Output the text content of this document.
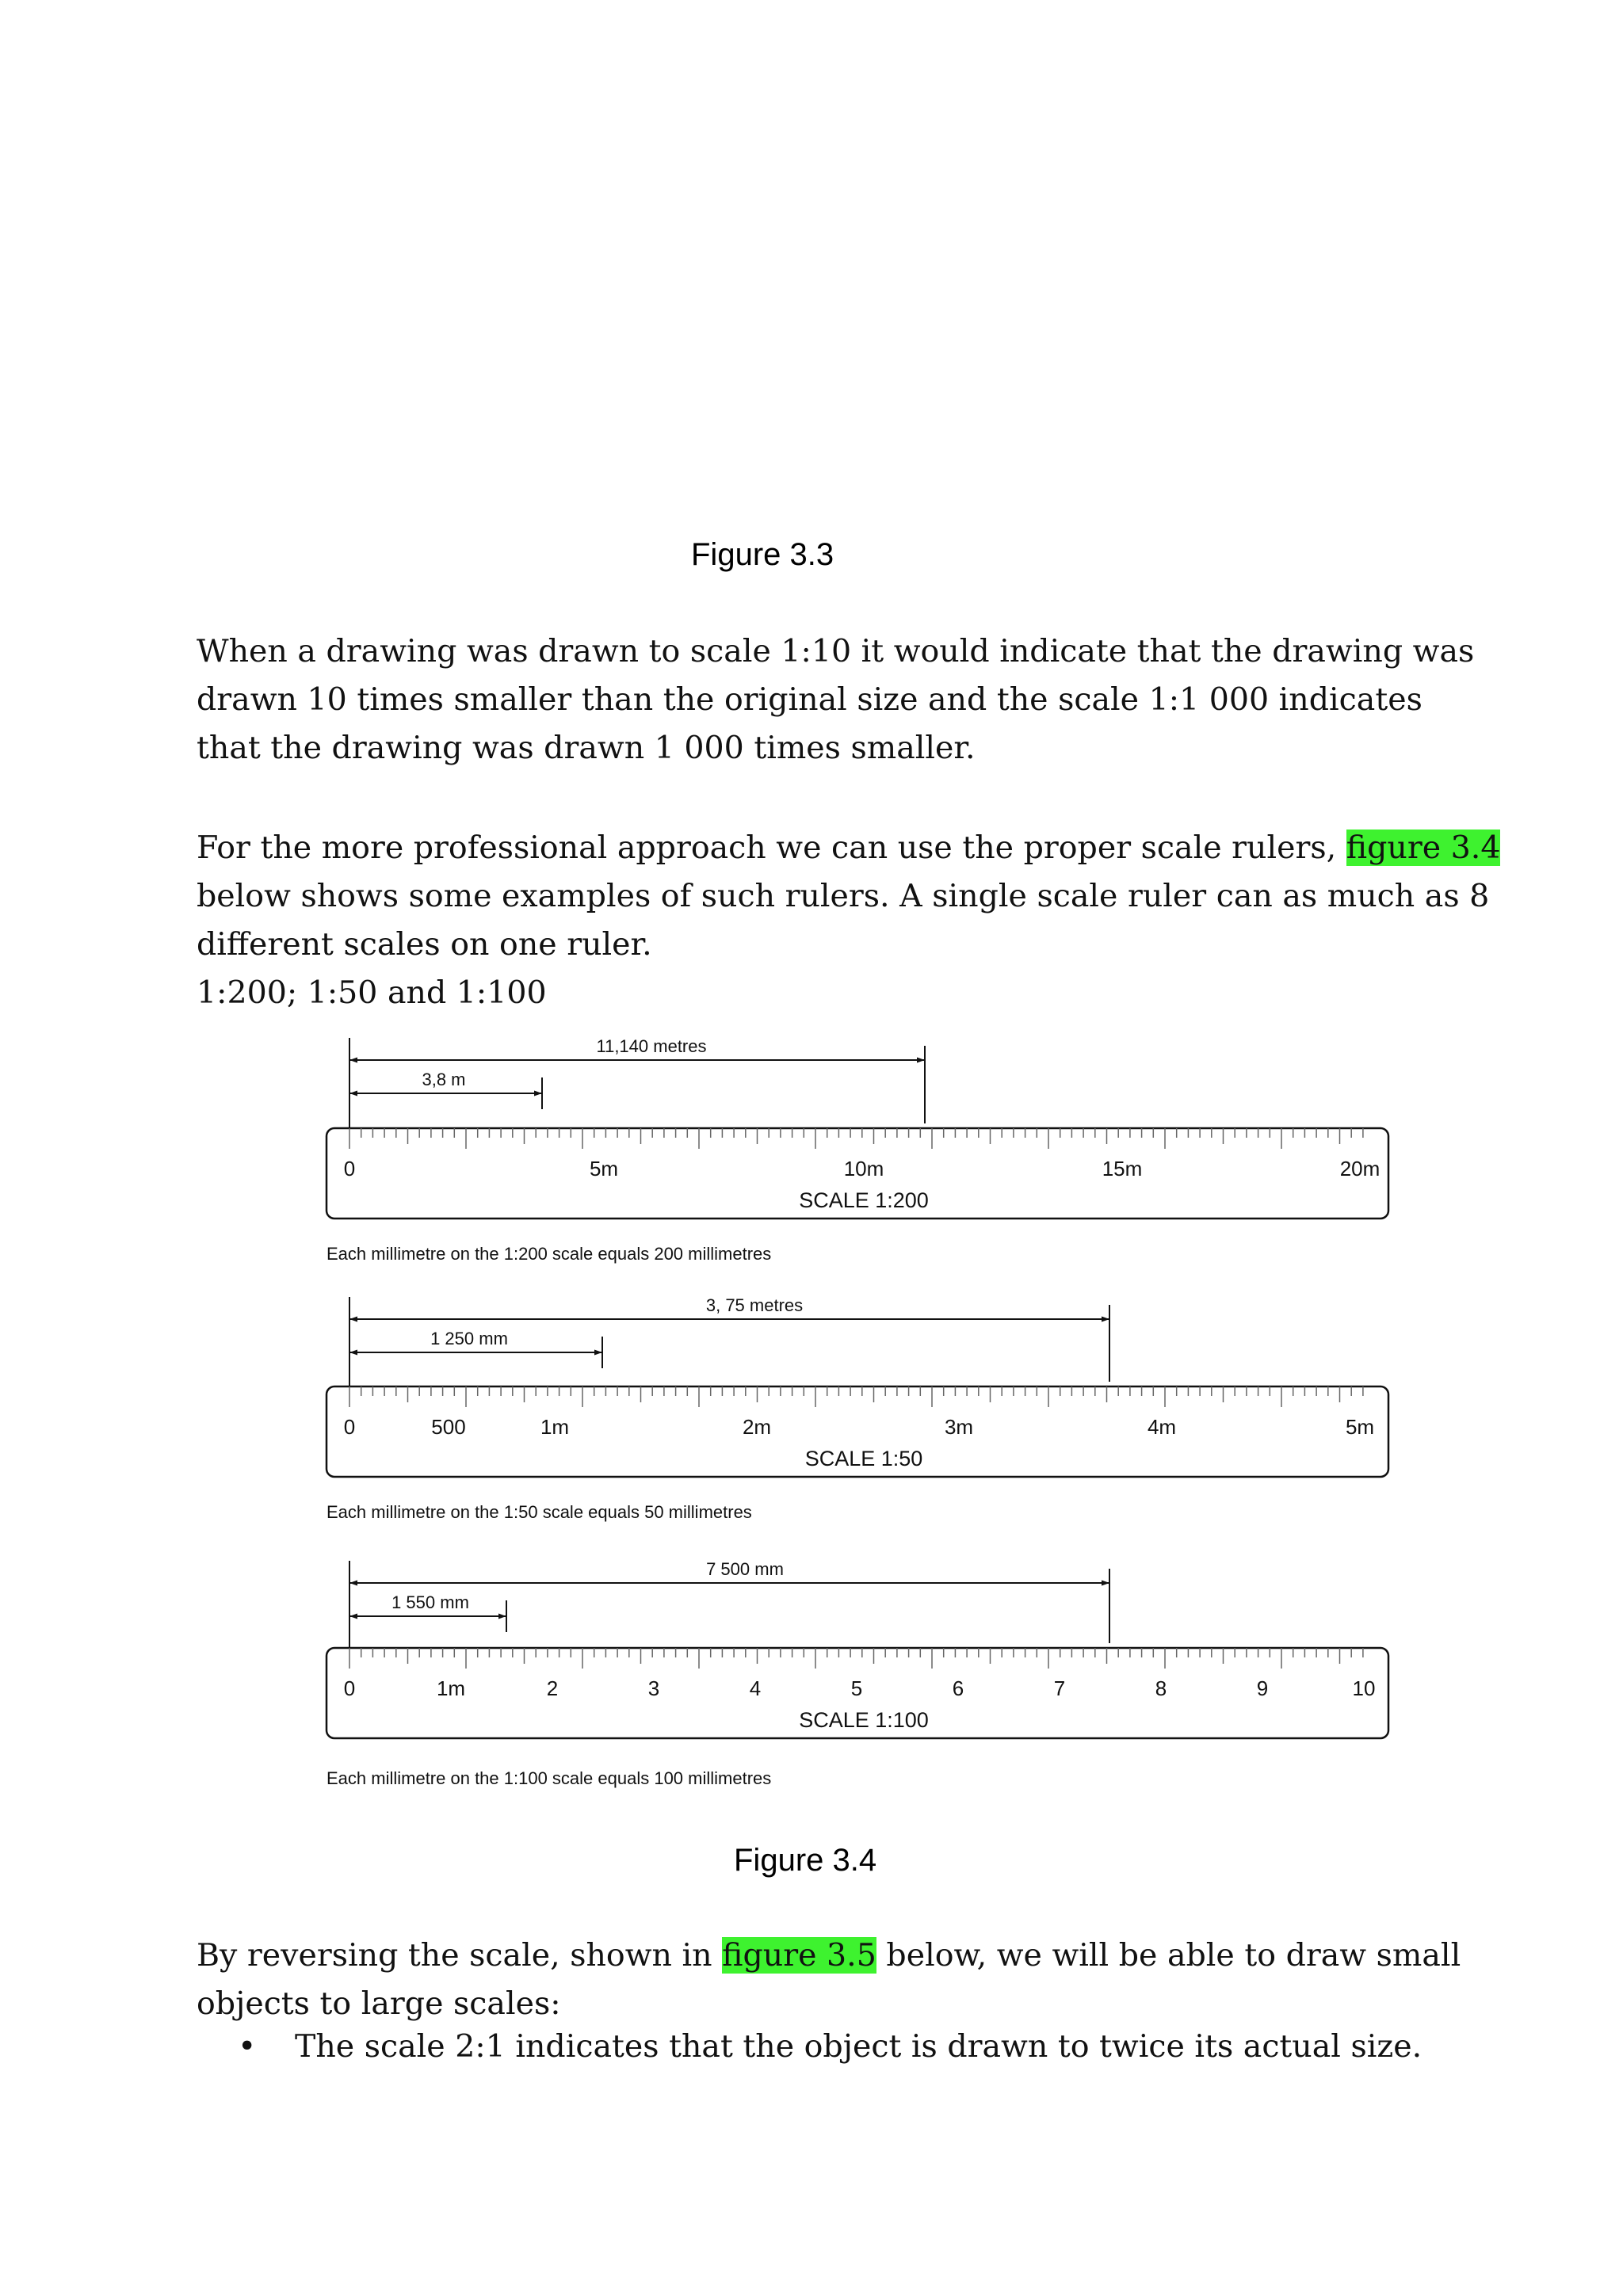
Figure 3.3
When a drawing was drawn to scale 1:10 it would indicate that the drawing was
drawn 10 times smaller than the original size and the scale 1:1 000 indicates
that the drawing was drawn 1 000 times smaller.
For the more professional approach we can use the proper scale rulers, figure 3.4
below shows some examples of such rulers. A single scale ruler can as much as 8
different scales on one ruler.
1:200; 1:50 and 1:100
11,140 metres
3,8 m
0	5m	10m	15m	20m
SCALE 1:200
Each millimetre on the 1:200 scale equals 200 millimetres
3, 75 metres
1 250 mm
0	500	1m	2m	3m	4m	5m
SCALE 1:50
Each millimetre on the 1:50 scale equals 50 millimetres
7 500 mm
1 550 mm
0	1m	2	3	4	5	6	7	8	9	10
SCALE 1:100
Each millimetre on the 1:100 scale equals 100 millimetres
Figure 3.4
By reversing the scale, shown in figure 3.5 below, we will be able to draw small
objects to large scales:
• The scale 2:1 indicates that the object is drawn to twice its actual size.
